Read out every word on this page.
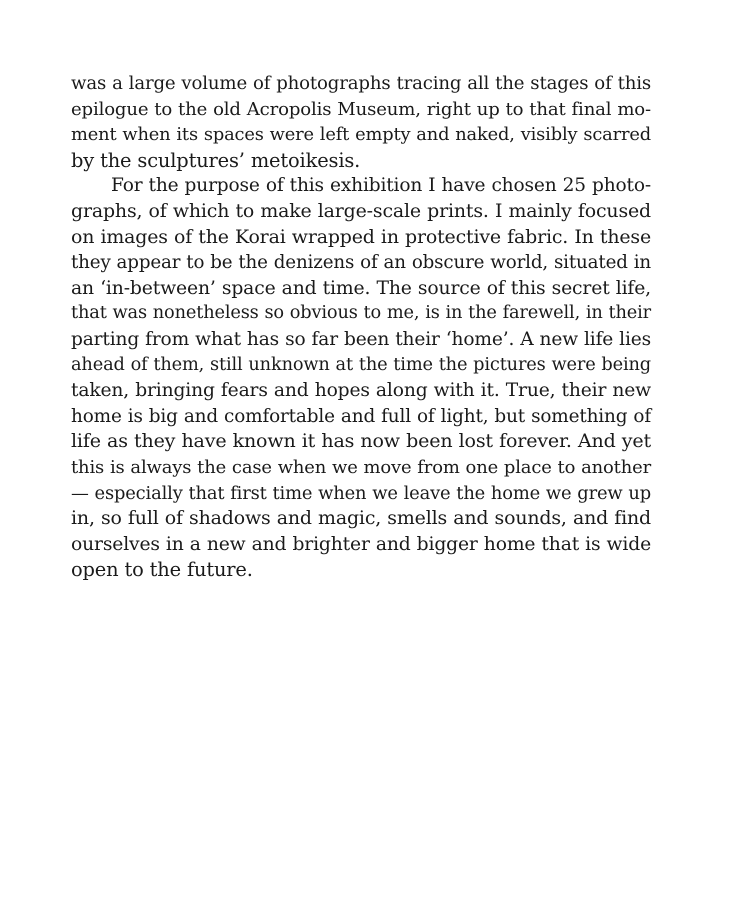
was a large volume of photographs tracing all the stages of this
epilogue to the old Acropolis Museum, right up to that final mo-
ment when its spaces were left empty and naked, visibly scarred
by the sculptures’ metoikesis.
For the purpose of this exhibition I have chosen 25 photo-
graphs, of which to make large-scale prints. I mainly focused
on images of the Korai wrapped in protective fabric. In these
they appear to be the denizens of an obscure world, situated in
an ‘in-between’ space and time. The source of this secret life,
that was nonetheless so obvious to me, is in the farewell, in their
parting from what has so far been their ‘home’. A new life lies
ahead of them, still unknown at the time the pictures were being
taken, bringing fears and hopes along with it. True, their new
home is big and comfortable and full of light, but something of
life as they have known it has now been lost forever. And yet
this is always the case when we move from one place to another
— especially that first time when we leave the home we grew up
in, so full of shadows and magic, smells and sounds, and find
ourselves in a new and brighter and bigger home that is wide
open to the future.
